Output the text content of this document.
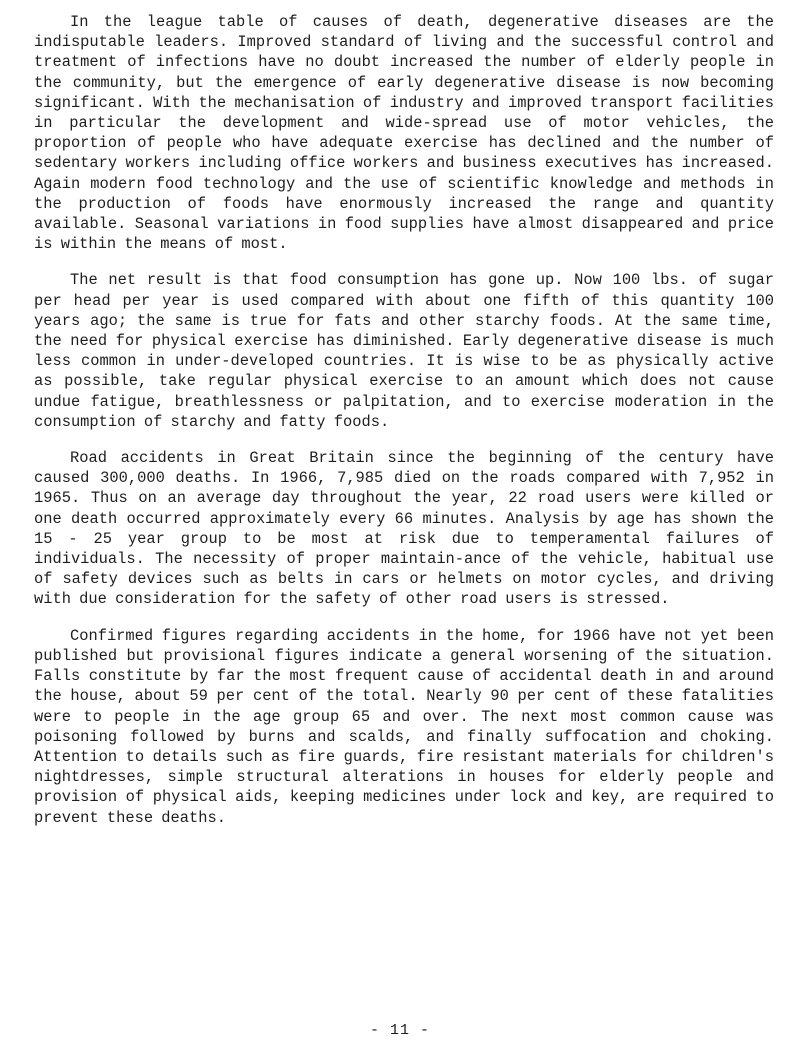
In the league table of causes of death, degenerative diseases are the indisputable leaders. Improved standard of living and the successful control and treatment of infections have no doubt increased the number of elderly people in the community, but the emergence of early degenerative disease is now becoming significant. With the mechanisation of industry and improved transport facilities in particular the development and wide-spread use of motor vehicles, the proportion of people who have adequate exercise has declined and the number of sedentary workers including office workers and business executives has increased. Again modern food technology and the use of scientific knowledge and methods in the production of foods have enormously increased the range and quantity available. Seasonal variations in food supplies have almost disappeared and price is within the means of most.

The net result is that food consumption has gone up. Now 100 lbs. of sugar per head per year is used compared with about one fifth of this quantity 100 years ago; the same is true for fats and other starchy foods. At the same time, the need for physical exercise has diminished. Early degenerative disease is much less common in under-developed countries. It is wise to be as physically active as possible, take regular physical exercise to an amount which does not cause undue fatigue, breathlessness or palpitation, and to exercise moderation in the consumption of starchy and fatty foods.

Road accidents in Great Britain since the beginning of the century have caused 300,000 deaths. In 1966, 7,985 died on the roads compared with 7,952 in 1965. Thus on an average day throughout the year, 22 road users were killed or one death occurred approximately every 66 minutes. Analysis by age has shown the 15 - 25 year group to be most at risk due to temperamental failures of individuals. The necessity of proper maintain-ance of the vehicle, habitual use of safety devices such as belts in cars or helmets on motor cycles, and driving with due consideration for the safety of other road users is stressed.

Confirmed figures regarding accidents in the home, for 1966 have not yet been published but provisional figures indicate a general worsening of the situation. Falls constitute by far the most frequent cause of accidental death in and around the house, about 59 per cent of the total. Nearly 90 per cent of these fatalities were to people in the age group 65 and over. The next most common cause was poisoning followed by burns and scalds, and finally suffocation and choking. Attention to details such as fire guards, fire resistant materials for children's nightdresses, simple structural alterations in houses for elderly people and provision of physical aids, keeping medicines under lock and key, are required to prevent these deaths.

- 11 -
